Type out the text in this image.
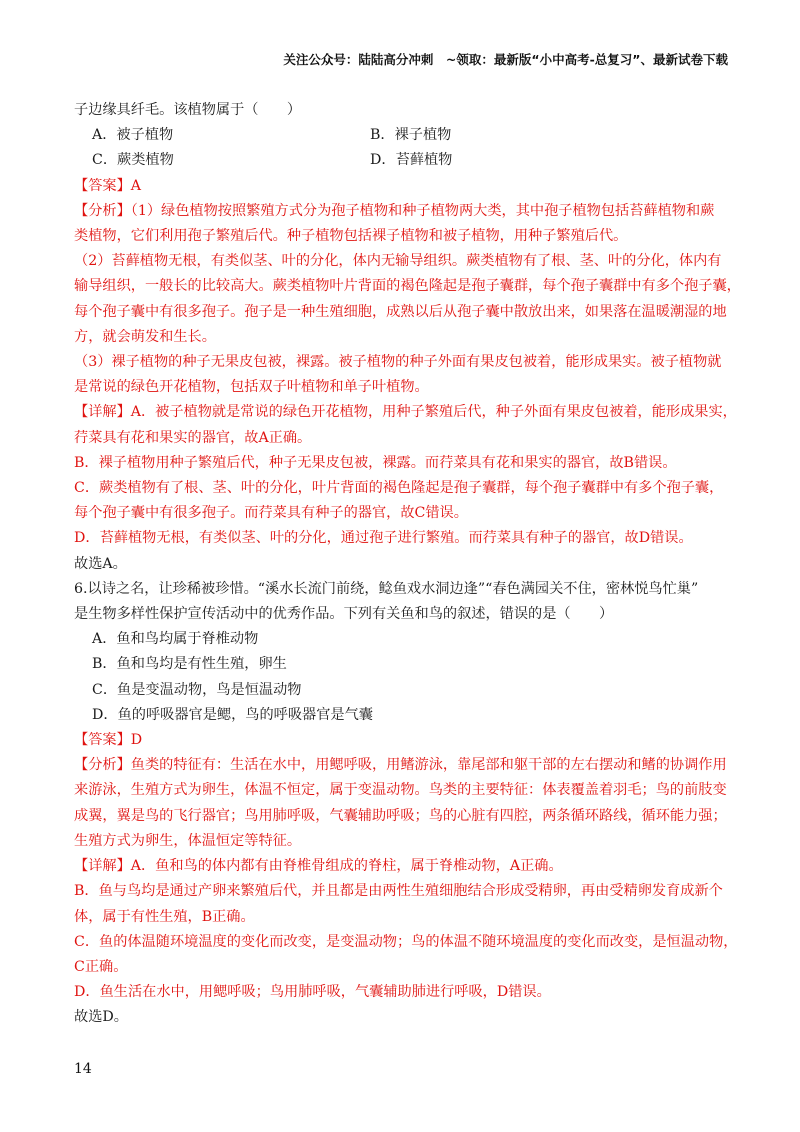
关注公众号：陆陆高分冲刺　~领取：最新版“小中高考-总复习”、最新试卷下载
子边缘具纤毛。该植物属于（　　）
A．被子植物	B．裸子植物
C．蕨类植物	D．苔藓植物
【答案】A
【分析】（1）绿色植物按照繁殖方式分为孢子植物和种子植物两大类，其中孢子植物包括苔藓植物和蕨
类植物，它们利用孢子繁殖后代。种子植物包括裸子植物和被子植物，用种子繁殖后代。
（2）苔藓植物无根，有类似茎、叶的分化，体内无输导组织。蕨类植物有了根、茎、叶的分化，体内有
输导组织，一般长的比较高大。蕨类植物叶片背面的褐色隆起是孢子囊群，每个孢子囊群中有多个孢子囊，
每个孢子囊中有很多孢子。孢子是一种生殖细胞，成熟以后从孢子囊中散放出来，如果落在温暖潮湿的地
方，就会萌发和生长。
（3）裸子植物的种子无果皮包被，裸露。被子植物的种子外面有果皮包被着，能形成果实。被子植物就
是常说的绿色开花植物，包括双子叶植物和单子叶植物。
【详解】A．被子植物就是常说的绿色开花植物，用种子繁殖后代，种子外面有果皮包被着，能形成果实，
荇菜具有花和果实的器官，故A正确。
B．裸子植物用种子繁殖后代，种子无果皮包被，裸露。而荇菜具有花和果实的器官，故B错误。
C．蕨类植物有了根、茎、叶的分化，叶片背面的褐色隆起是孢子囊群，每个孢子囊群中有多个孢子囊，
每个孢子囊中有很多孢子。而荇菜具有种子的器官，故C错误。
D．苔藓植物无根，有类似茎、叶的分化，通过孢子进行繁殖。而荇菜具有种子的器官，故D错误。
故选A。
6.以诗之名，让珍稀被珍惜。“溪水长流门前绕，鲶鱼戏水洞边逢”“春色满园关不住，密林悦鸟忙巢”
是生物多样性保护宣传活动中的优秀作品。下列有关鱼和鸟的叙述，错误的是（　　）
A．鱼和鸟均属于脊椎动物
B．鱼和鸟均是有性生殖，卵生
C．鱼是变温动物，鸟是恒温动物
D．鱼的呼吸器官是鳃，鸟的呼吸器官是气囊
【答案】D
【分析】鱼类的特征有：生活在水中，用鳃呼吸，用鳍游泳，靠尾部和躯干部的左右摆动和鳍的协调作用
来游泳，生殖方式为卵生，体温不恒定，属于变温动物。鸟类的主要特征：体表覆盖着羽毛；鸟的前肢变
成翼，翼是鸟的飞行器官；鸟用肺呼吸，气囊辅助呼吸；鸟的心脏有四腔，两条循环路线，循环能力强；
生殖方式为卵生，体温恒定等特征。
【详解】A．鱼和鸟的体内都有由脊椎骨组成的脊柱，属于脊椎动物，A正确。
B．鱼与鸟均是通过产卵来繁殖后代，并且都是由两性生殖细胞结合形成受精卵，再由受精卵发育成新个
体，属于有性生殖，B正确。
C．鱼的体温随环境温度的变化而改变，是变温动物；鸟的体温不随环境温度的变化而改变，是恒温动物，
C正确。
D．鱼生活在水中，用鳃呼吸；鸟用肺呼吸，气囊辅助肺进行呼吸，D错误。
故选D。
14
